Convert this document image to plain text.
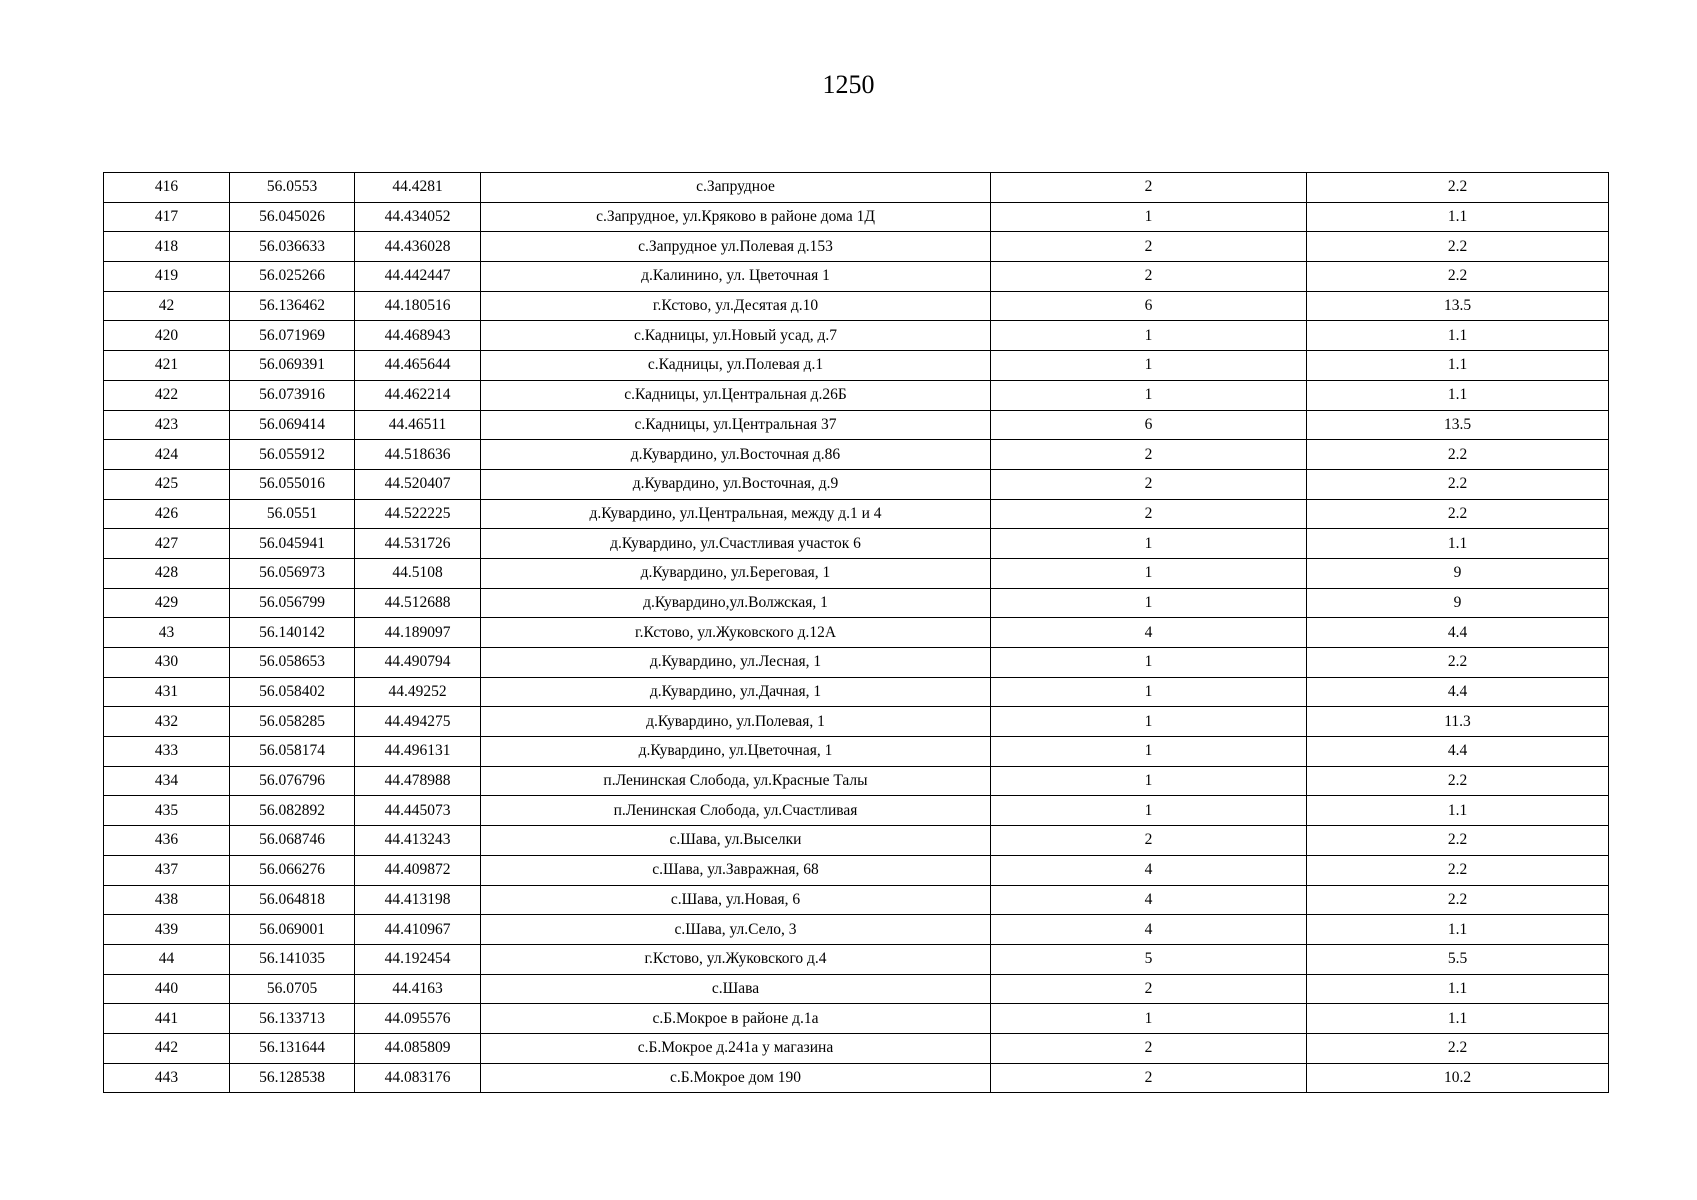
1250
416	56.0553	44.4281	с.Запрудное	2	2.2
417	56.045026	44.434052	с.Запрудное, ул.Кряково в районе дома 1Д	1	1.1
418	56.036633	44.436028	с.Запрудное ул.Полевая д.153	2	2.2
419	56.025266	44.442447	д.Калинино, ул. Цветочная 1	2	2.2
42	56.136462	44.180516	г.Кстово, ул.Десятая д.10	6	13.5
420	56.071969	44.468943	с.Кадницы, ул.Новый усад, д.7	1	1.1
421	56.069391	44.465644	с.Кадницы, ул.Полевая д.1	1	1.1
422	56.073916	44.462214	с.Кадницы, ул.Центральная д.26Б	1	1.1
423	56.069414	44.46511	с.Кадницы, ул.Центральная 37	6	13.5
424	56.055912	44.518636	д.Кувардино, ул.Восточная д.86	2	2.2
425	56.055016	44.520407	д.Кувардино, ул.Восточная, д.9	2	2.2
426	56.0551	44.522225	д.Кувардино, ул.Центральная, между д.1 и 4	2	2.2
427	56.045941	44.531726	д.Кувардино, ул.Счастливая участок 6	1	1.1
428	56.056973	44.5108	д.Кувардино, ул.Береговая, 1	1	9
429	56.056799	44.512688	д.Кувардино,ул.Волжская, 1	1	9
43	56.140142	44.189097	г.Кстово, ул.Жуковского д.12А	4	4.4
430	56.058653	44.490794	д.Кувардино, ул.Лесная, 1	1	2.2
431	56.058402	44.49252	д.Кувардино, ул.Дачная, 1	1	4.4
432	56.058285	44.494275	д.Кувардино, ул.Полевая, 1	1	11.3
433	56.058174	44.496131	д.Кувардино, ул.Цветочная, 1	1	4.4
434	56.076796	44.478988	п.Ленинская Слобода, ул.Красные Талы	1	2.2
435	56.082892	44.445073	п.Ленинская Слобода, ул.Счастливая	1	1.1
436	56.068746	44.413243	с.Шава, ул.Выселки	2	2.2
437	56.066276	44.409872	с.Шава, ул.Завражная, 68	4	2.2
438	56.064818	44.413198	с.Шава, ул.Новая, 6	4	2.2
439	56.069001	44.410967	с.Шава, ул.Село, 3	4	1.1
44	56.141035	44.192454	г.Кстово, ул.Жуковского д.4	5	5.5
440	56.0705	44.4163	с.Шава	2	1.1
441	56.133713	44.095576	с.Б.Мокрое в районе д.1а	1	1.1
442	56.131644	44.085809	с.Б.Мокрое д.241а у магазина	2	2.2
443	56.128538	44.083176	с.Б.Мокрое дом 190	2	10.2
